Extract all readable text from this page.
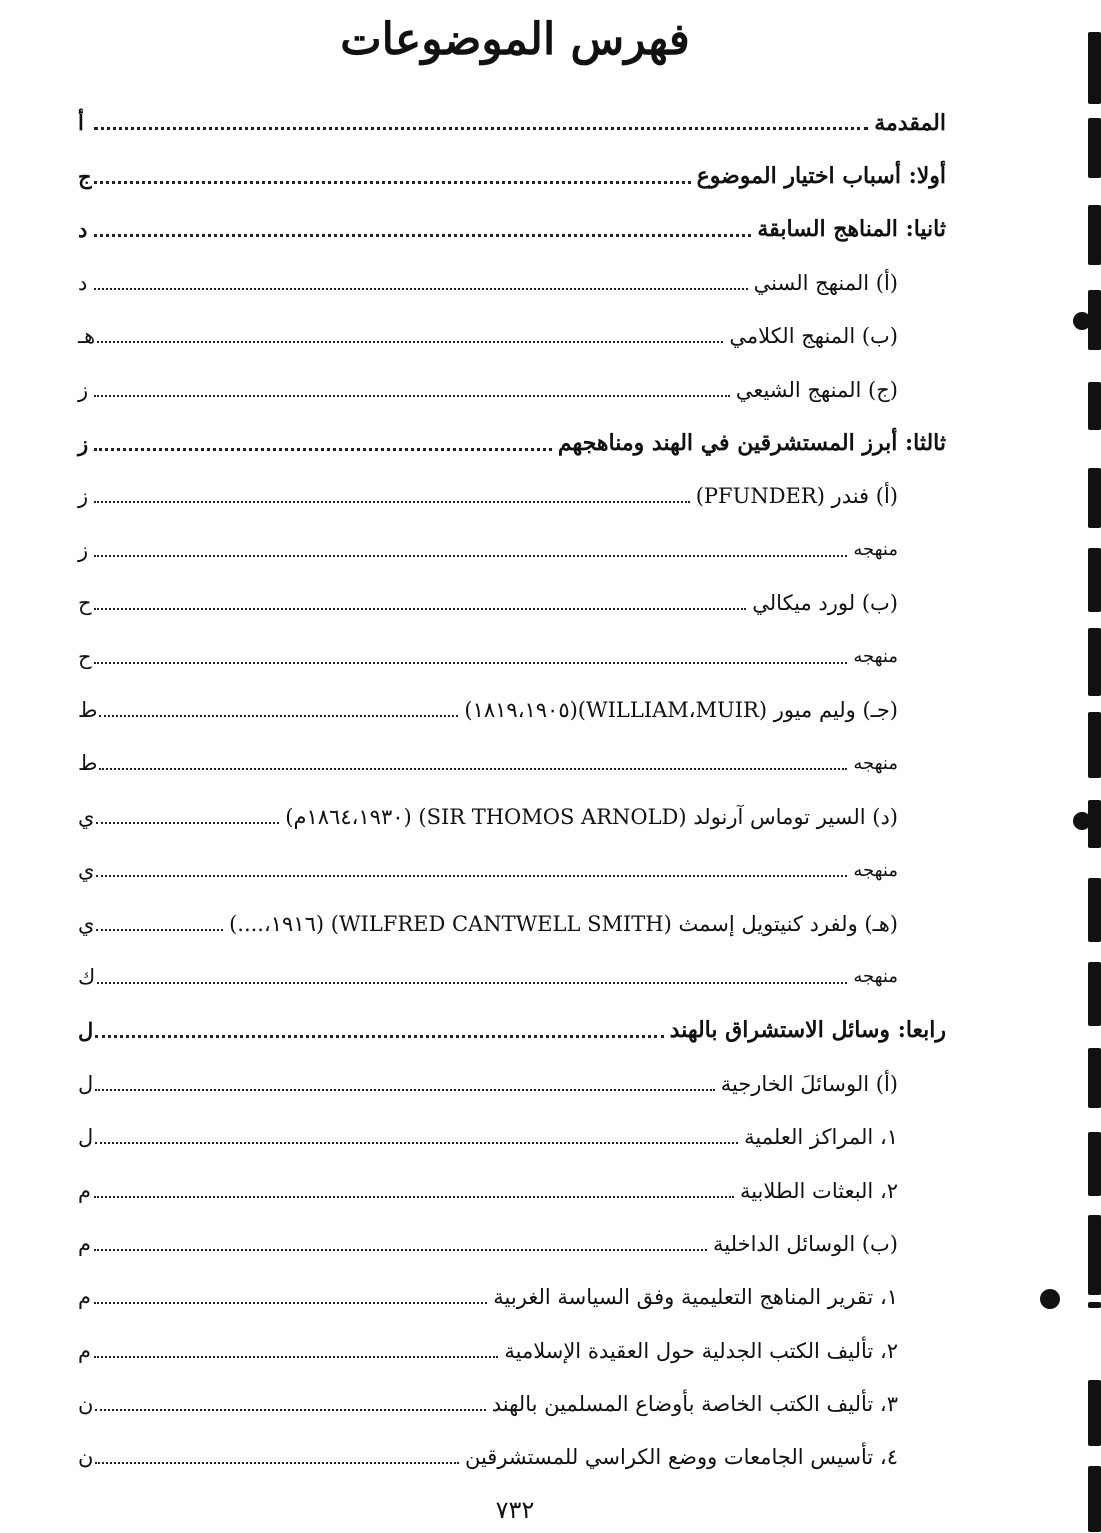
فهرس الموضوعات
المقدمة
أ
أولا: أسباب اختيار الموضوع
ج
ثانيا: المناهج السابقة
د
(أ) المنهج السني
د
(ب) المنهج الكلامي
هـ
(ج) المنهج الشيعي
ز
ثالثا: أبرز المستشرقين في الهند ومناهجهم
ز
(أ) فندر (PFUNDER)
ز
منهجه
ز
(ب) لورد ميكالي
ح
منهجه
ح
(جـ) وليم ميور (WILLIAM،MUIR)(١٨١٩،١٩٠٥)
ط
منهجه
ط
(د) السير توماس آرنولد (SIR THOMOS ARNOLD) (١٨٦٤،١٩٣٠م)
ي
منهجه
ي
(هـ) ولفرد كنيتويل إسمث (WILFRED CANTWELL SMITH) (١٩١٦،....)
ي
منهجه
ك
رابعا: وسائل الاستشراق بالهند
ل
(أ) الوسائلَ الخارجية
ل
١، المراكز العلمية
ل
٢، البعثات الطلابية
م
(ب) الوسائل الداخلية
م
١، تقرير المناهج التعليمية وفق السياسة الغربية
م
٢، تأليف الكتب الجدلية حول العقيدة الإسلامية
م
٣، تأليف الكتب الخاصة بأوضاع المسلمين بالهند
ن
٤، تأسيس الجامعات ووضع الكراسي للمستشرقين
ن
٧٣٢
